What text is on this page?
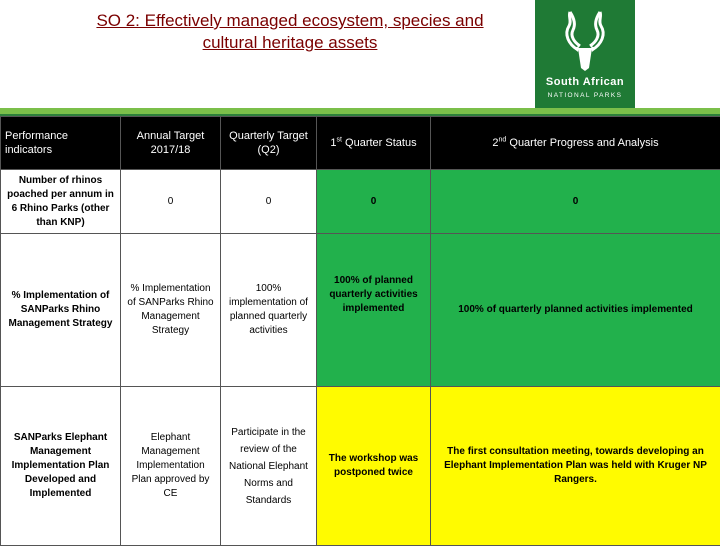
SO 2: Effectively managed ecosystem, species and
cultural heritage assets
South African
NATIONAL PARKS
Performance indicators	Annual Target 2017/18	Quarterly Target (Q2)	1st Quarter Status	2nd Quarter Progress and Analysis
Number of rhinos poached per annum in 6 Rhino Parks (other than KNP)	0	0	0	0
% Implementation of SANParks Rhino Management Strategy	% Implementation of SANParks Rhino Management Strategy	100% implementation of planned quarterly activities	100% of planned quarterly activities implemented	100% of quarterly planned activities implemented
SANParks Elephant Management Implementation Plan Developed and Implemented	Elephant Management Implementation Plan approved by CE	Participate in the review of the National Elephant Norms and Standards	The workshop was postponed twice	The first consultation meeting, towards developing an Elephant Implementation Plan was held with Kruger NP Rangers.
